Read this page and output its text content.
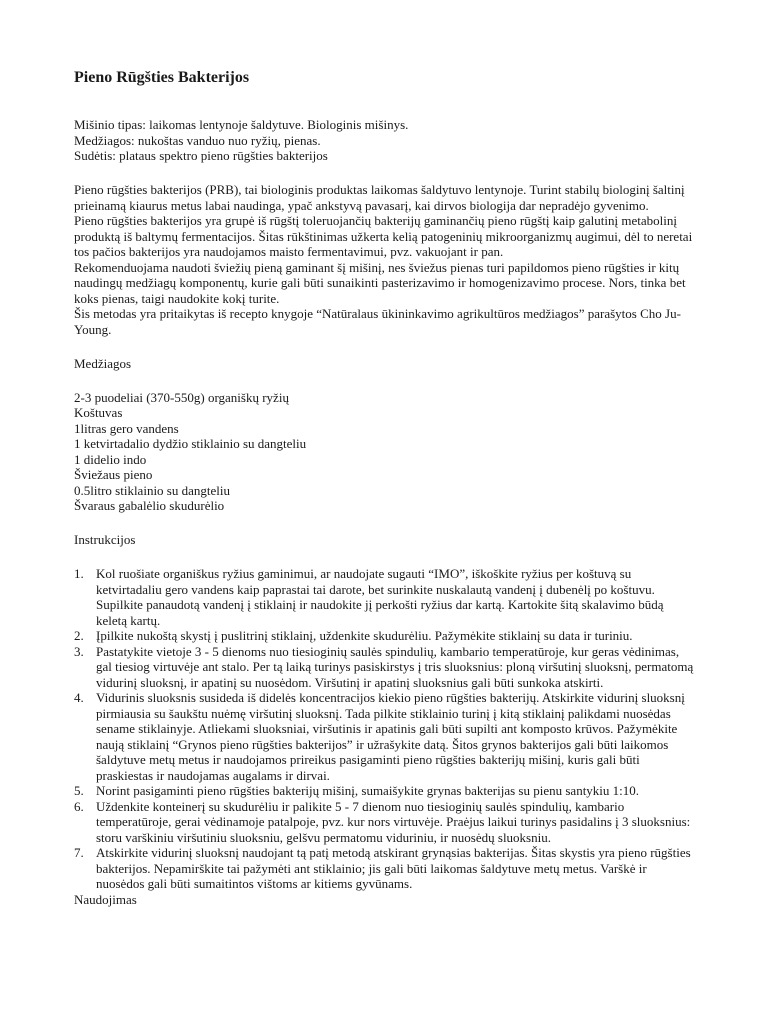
Pieno Rūgšties Bakterijos
Mišinio tipas: laikomas lentynoje šaldytuve. Biologinis mišinys.
Medžiagos: nukoštas vanduo nuo ryžių, pienas.
Sudėtis: plataus spektro pieno rūgšties bakterijos

Pieno rūgšties bakterijos (PRB), tai biologinis produktas laikomas šaldytuvo lentynoje. Turint stabilų biologinį šaltinį prieinamą kiaurus metus labai naudinga, ypač ankstyvą pavasarį, kai dirvos biologija dar nepradėjo gyvenimo.

Pieno rūgšties bakterijos yra grupė iš rūgštį toleruojančių bakterijų gaminančių pieno rūgštį kaip galutinį metabolinį produktą iš baltymų fermentacijos. Šitas rūkštinimas užkerta kelią patogeninių mikroorganizmų augimui, dėl to neretai tos pačios bakterijos yra naudojamos maisto fermentavimui, pvz. vakuojant ir pan.

Rekomenduojama naudoti šviežių pieną gaminant šį mišinį, nes šviežus pienas turi papildomos pieno rūgšties ir kitų naudingų medžiagų komponentų, kurie gali būti sunaikinti pasterizavimo ir homogenizavimo procese. Nors, tinka bet koks pienas, taigi naudokite kokį turite.

Šis metodas yra pritaikytas iš recepto knygoje “Natūralaus ūkininkavimo agrikultūros medžiagos” parašytos Cho Ju-Young.

Medžiagos

2-3 puodeliai (370-550g) organiškų ryžių
Koštuvas
1litras gero vandens
1 ketvirtadalio dydžio stiklainio su dangteliu
1 didelio indo
Šviežaus pieno
0.5litro stiklainio su dangteliu
Švaraus gabalėlio skudurėlio

Instrukcijos

1. Kol ruošiate organiškus ryžius gaminimui, ar naudojate sugauti “IMO”, iškoškite ryžius per koštuvą su ketvirtadaliu gero vandens kaip paprastai tai darote, bet surinkite nuskalautą vandenį į dubenėlį po koštuvu. Supilkite panaudotą vandenį į stiklainį ir naudokite jį perkošti ryžius dar kartą. Kartokite šitą skalavimo būdą keletą kartų.
2. Įpilkite nukoštą skystį į puslitrinį stiklainį, uždenkite skudurėliu. Pažymėkite stiklainį su data ir turiniu.
3. Pastatykite vietoje 3 - 5 dienoms nuo tiesioginių saulės spindulių, kambario temperatūroje, kur geras vėdinimas, gal tiesiog virtuvėje ant stalo. Per tą laiką turinys pasiskirstys į tris sluoksnius: ploną viršutinį sluoksnį, permatomą vidurinį sluoksnį, ir apatinį su nuosėdom. Viršutinį ir apatinį sluoksnius gali būti sunkoka atskirti.
4. Vidurinis sluoksnis susideda iš didelės koncentracijos kiekio pieno rūgšties bakterijų. Atskirkite vidurinį sluoksnį pirmiausia su šaukštu nuėmę viršutinį sluoksnį. Tada pilkite stiklainio turinį į kitą stiklainį palikdami nuosėdas sename stiklainyje. Atliekami sluoksniai, viršutinis ir apatinis gali būti supilti ant komposto krūvos. Pažymėkite naują stiklainį “Grynos pieno rūgšties bakterijos” ir užrašykite datą. Šitos grynos bakterijos gali būti laikomos šaldytuve metų metus ir naudojamos prireikus pasigaminti pieno rūgšties bakterijų mišinį, kuris gali būti praskiestas ir naudojamas augalams ir dirvai.
5. Norint pasigaminti pieno rūgšties bakterijų mišinį, sumaišykite grynas bakterijas su pienu santykiu 1:10.
6. Uždenkite konteinerį su skudurėliu ir palikite 5 - 7 dienom nuo tiesioginių saulės spindulių, kambario temperatūroje, gerai vėdinamoje patalpoje, pvz. kur nors virtuvėje. Praėjus laikui turinys pasidalins į 3 sluoksnius: storu varškiniu viršutiniu sluoksniu, gelšvu permatomu viduriniu, ir nuosėdų sluoksniu.
7. Atskirkite vidurinį sluoksnį naudojant tą patį metodą atskirant grynąsias bakterijas. Šitas skystis yra pieno rūgšties bakterijos. Nepamirškite tai pažymėti ant stiklainio; jis gali būti laikomas šaldytuve metų metus. Varškė ir nuosėdos gali būti sumaitintos vištoms ar kitiems gyvūnams.

Naudojimas
